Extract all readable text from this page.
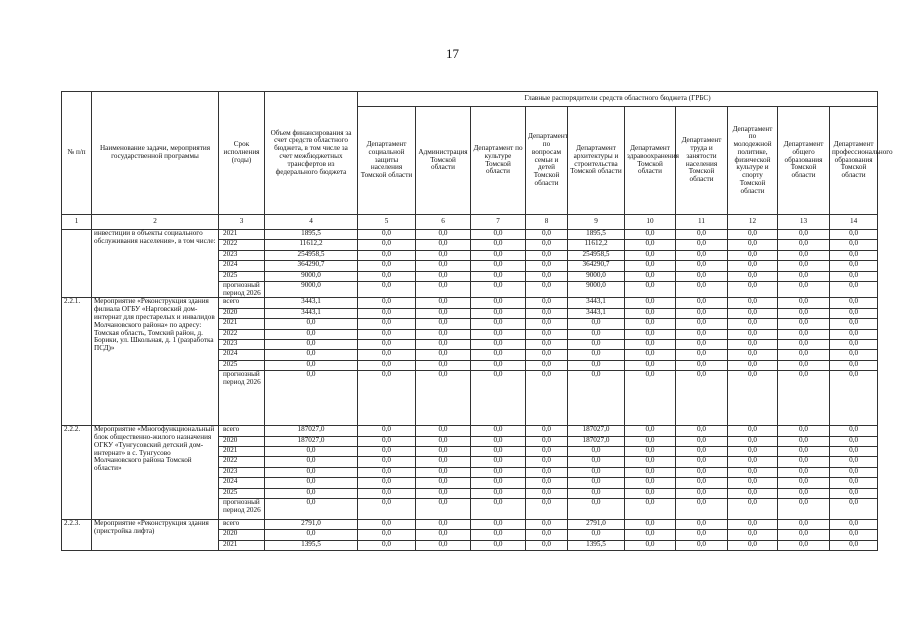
17
№ п/п	Наименование задачи, мероприятия государственной программы	Срок исполнения (годы)	Объем финансирования за счет средств областного бюджета, в том числе за счет межбюджетных трансфертов из федерального бюджета	Главные распорядители средств областного бюджета (ГРБС)									
				Департамент социальной защиты населения Томской области	Администрация Томской области	Департамент по культуре Томской области	Департамент по вопросам семьи и детей Томской области	Департамент архитектуры и строительства Томской области	Департамент здравоохранения Томской области	Департамент труда и занятости населения Томской области	Департамент по молодежной политике, физической культуре и спорту Томской области	Департамент общего образования Томской области	Департамент профессионального образования Томской области
1	2	3	4	5	6	7	8	9	10	11	12	13	14
	инвестиции в объекты социального обслуживания населения», в том числе:	2021	1895,5	0,0	0,0	0,0	0,0	1895,5	0,0	0,0	0,0	0,0	0,0
		2022	11612,2	0,0	0,0	0,0	0,0	11612,2	0,0	0,0	0,0	0,0	0,0
		2023	254958,5	0,0	0,0	0,0	0,0	254958,5	0,0	0,0	0,0	0,0	0,0
		2024	364290,7	0,0	0,0	0,0	0,0	364290,7	0,0	0,0	0,0	0,0	0,0
		2025	9000,0	0,0	0,0	0,0	0,0	9000,0	0,0	0,0	0,0	0,0	0,0
		прогнозный период 2026	9000,0	0,0	0,0	0,0	0,0	9000,0	0,0	0,0	0,0	0,0	0,0
2.2.1.	Мероприятие «Реконструкция здания филиала ОГБУ «Нарговский дом-интернат для престарелых и инвалидов Молчановского района» по адресу: Томская область, Томский район, д. Борики, ул. Школьная, д. 1 (разработка ПСД)»	всего	3443,1	0,0	0,0	0,0	0,0	3443,1	0,0	0,0	0,0	0,0	0,0
		2020	3443,1	0,0	0,0	0,0	0,0	3443,1	0,0	0,0	0,0	0,0	0,0
		2021	0,0	0,0	0,0	0,0	0,0	0,0	0,0	0,0	0,0	0,0	0,0
		2022	0,0	0,0	0,0	0,0	0,0	0,0	0,0	0,0	0,0	0,0	0,0
		2023	0,0	0,0	0,0	0,0	0,0	0,0	0,0	0,0	0,0	0,0	0,0
		2024	0,0	0,0	0,0	0,0	0,0	0,0	0,0	0,0	0,0	0,0	0,0
		2025	0,0	0,0	0,0	0,0	0,0	0,0	0,0	0,0	0,0	0,0	0,0
		прогнозный период 2026	0,0	0,0	0,0	0,0	0,0	0,0	0,0	0,0	0,0	0,0	0,0
2.2.2.	Мероприятие «Многофункциональный блок общественно-жилого назначения ОГКУ «Тунгусовский детский дом-интернат» в с. Тунгусово Молчановского района Томской области»	всего	187027,0	0,0	0,0	0,0	0,0	187027,0	0,0	0,0	0,0	0,0	0,0
		2020	187027,0	0,0	0,0	0,0	0,0	187027,0	0,0	0,0	0,0	0,0	0,0
		2021	0,0	0,0	0,0	0,0	0,0	0,0	0,0	0,0	0,0	0,0	0,0
		2022	0,0	0,0	0,0	0,0	0,0	0,0	0,0	0,0	0,0	0,0	0,0
		2023	0,0	0,0	0,0	0,0	0,0	0,0	0,0	0,0	0,0	0,0	0,0
		2024	0,0	0,0	0,0	0,0	0,0	0,0	0,0	0,0	0,0	0,0	0,0
		2025	0,0	0,0	0,0	0,0	0,0	0,0	0,0	0,0	0,0	0,0	0,0
		прогнозный период 2026	0,0	0,0	0,0	0,0	0,0	0,0	0,0	0,0	0,0	0,0	0,0
2.2.3.	Мероприятие «Реконструкция здания (пристройка лифта)	всего	2791,0	0,0	0,0	0,0	0,0	2791,0	0,0	0,0	0,0	0,0	0,0
		2020	0,0	0,0	0,0	0,0	0,0	0,0	0,0	0,0	0,0	0,0	0,0
		2021	1395,5	0,0	0,0	0,0	0,0	1395,5	0,0	0,0	0,0	0,0	0,0
